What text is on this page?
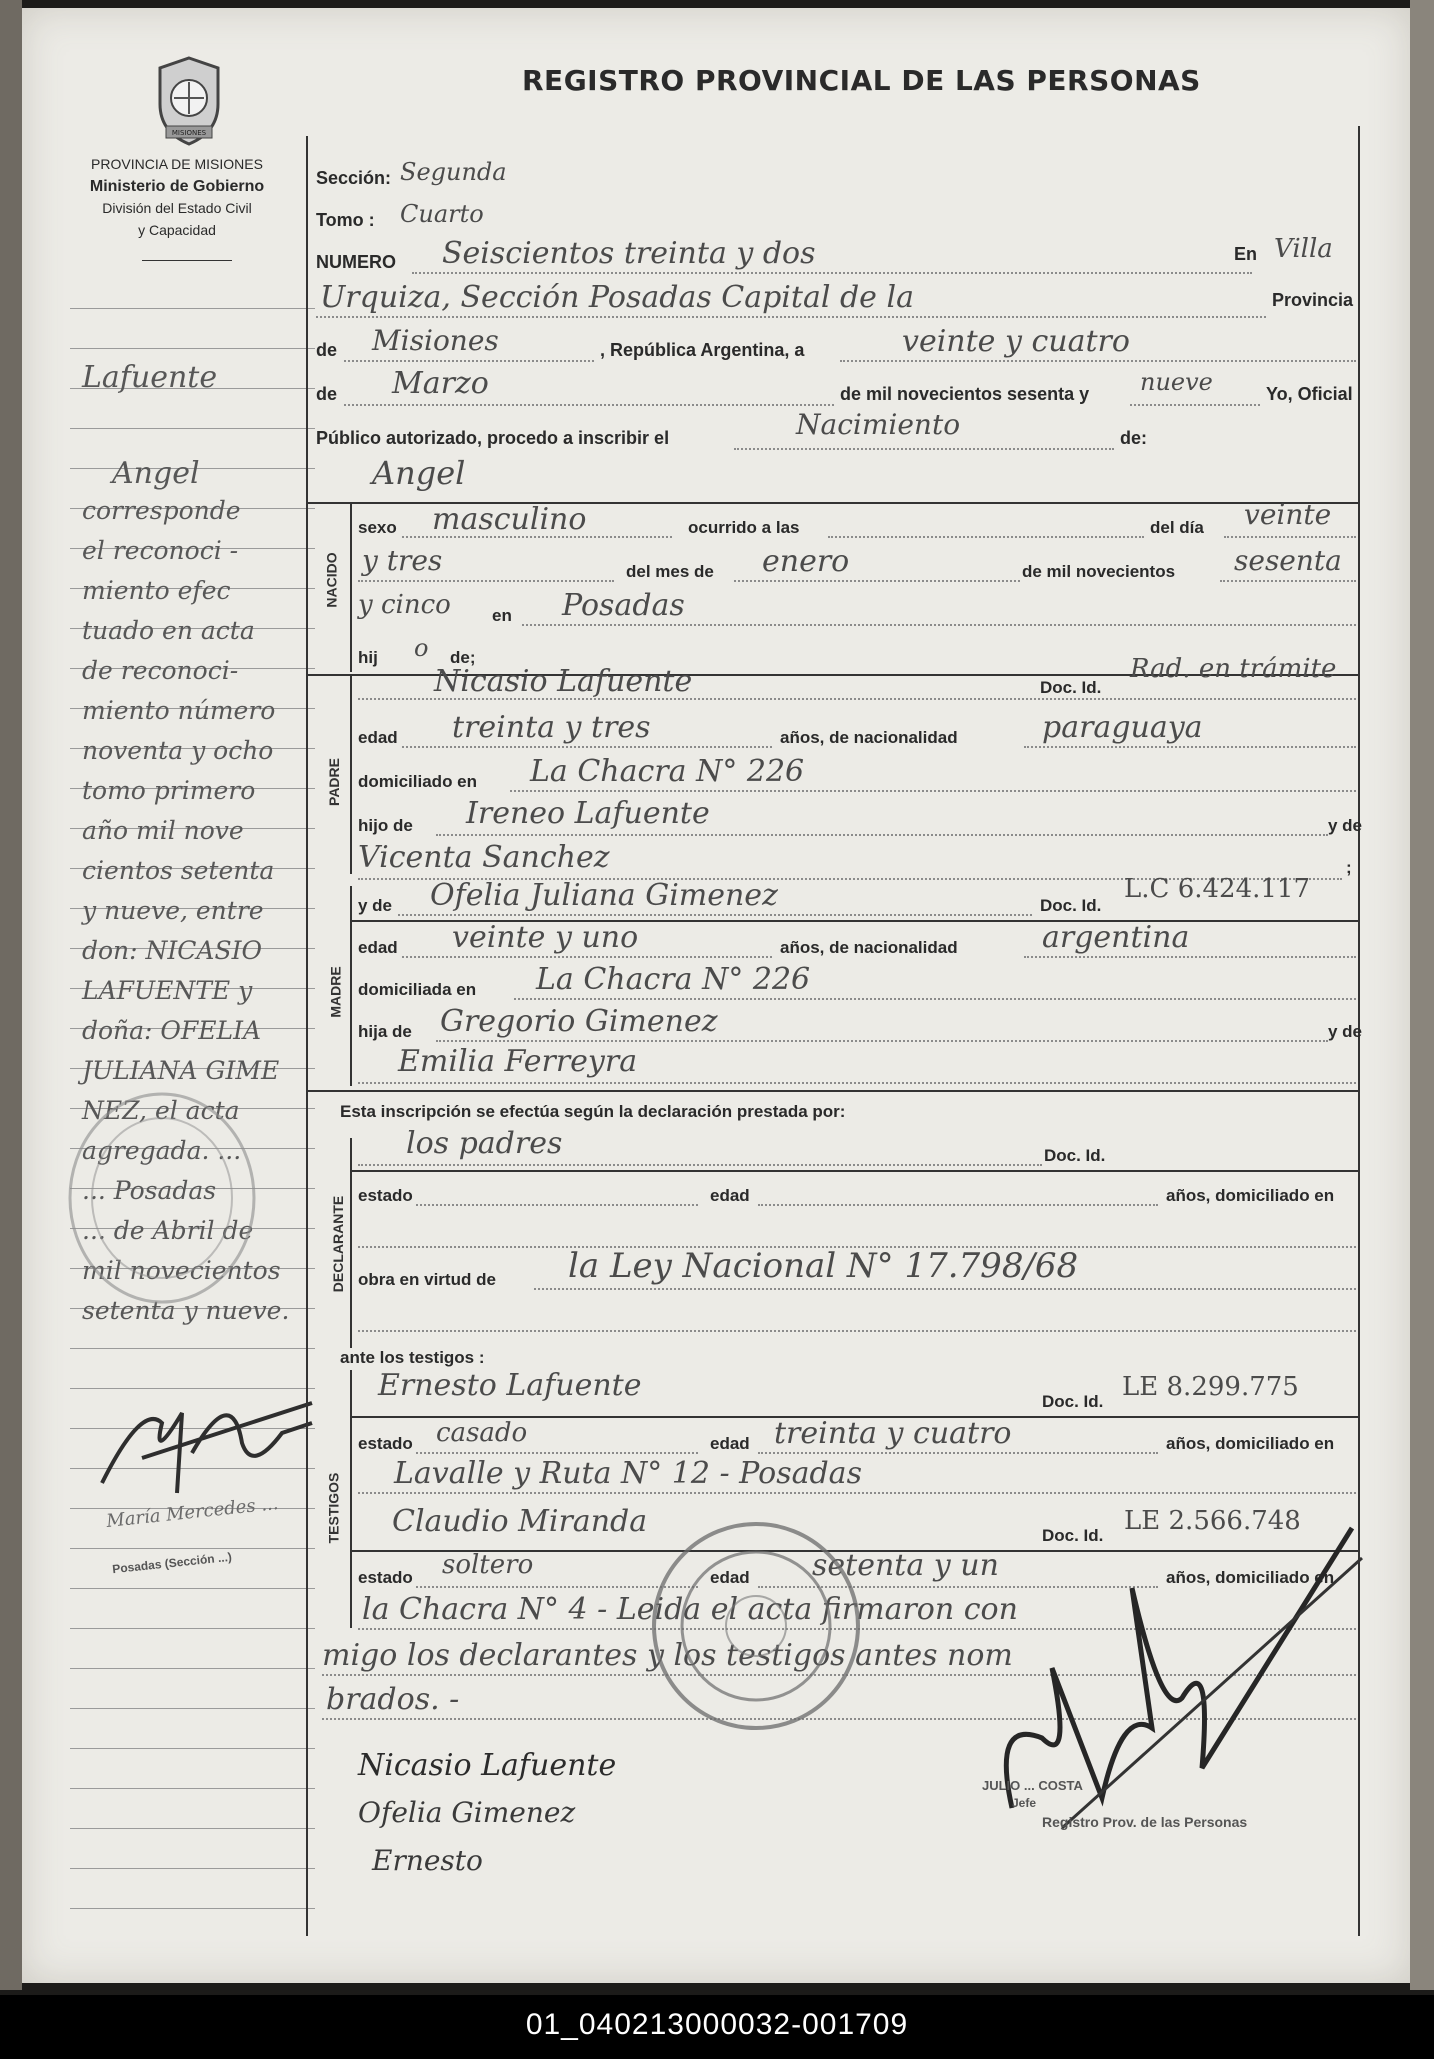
MISIONES
PROVINCIA DE MISIONES
Ministerio de Gobierno
División del Estado Civil
y Capacidad
REGISTRO PROVINCIAL DE LAS PERSONAS
Lafuente
Angel
corresponde
el reconoci -
miento efec
tuado en acta
de reconoci-
miento número
noventa y ocho
tomo primero
año mil nove
cientos setenta
y nueve, entre
don: NICASIO
LAFUENTE y
doña: OFELIA
JULIANA GIME
NEZ, el acta
agregada. ...
... Posadas
... de Abril de
mil novecientos
setenta y nueve.
María Mercedes ...
Posadas (Sección ...)
Sección: Segunda
Tomo : Cuarto
NUMERO Seiscientos treinta y dos	En Villa
Urquiza, Sección Posadas Capital de la	Provincia
de Misiones	, República Argentina, a	veinte y cuatro
de Marzo	de mil novecientos sesenta y nueve	Yo, Oficial
Público autorizado, procedo a inscribir el	Nacimiento	de:
Angel
NACIDO
sexo masculino	ocurrido a las	del día veinte
y tres	del mes de enero	de mil novecientos sesenta
y cinco en Posadas
hij o de;
PADRE
Nicasio Lafuente	Doc. Id.
Rad. en trámite
edad treinta y tres	años, de nacionalidad	paraguaya
domiciliado en La Chacra N° 226
hijo de Ireneo Lafuente	y de
Vicenta Sanchez	;
MADRE
y de Ofelia Juliana Gimenez	Doc. Id.
L.C 6.424.117
edad veinte y uno	años, de nacionalidad	argentina
domiciliada en La Chacra N° 226
hija de Gregorio Gimenez	y de
Emilia Ferreyra
Esta inscripción se efectúa según la declaración prestada por:
los padres	Doc. Id.
DECLARANTE
estado	edad	años, domiciliado en
obra en virtud de la Ley Nacional N° 17.798/68
ante los testigos :
TESTIGOS
Ernesto Lafuente	Doc. Id. LE 8.299.775
estado casado	edad treinta y cuatro	años, domiciliado en
Lavalle y Ruta N° 12 - Posadas
Claudio Miranda	Doc. Id. LE 2.566.748
estado soltero	edad setenta y un	años, domiciliado en
la Chacra N° 4 - Leida el acta firmaron con
migo los declarantes y los testigos antes nom
brados. -
Nicasio Lafuente
Ofelia Gimenez
Ernesto
JULIO ... COSTA
Jefe
Registro Prov. de las Personas
01_040213000032-001709
